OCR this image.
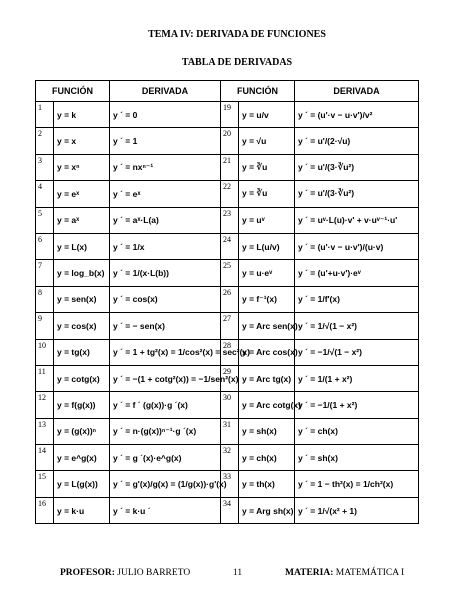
TEMA IV: DERIVADA DE FUNCIONES
TABLA DE DERIVADAS
FUNCIÓN		DERIVADA	FUNCIÓN		DERIVADA
1	y = k	y ´ = 0	19	y = u/v	y ´ = (u'·v − u·v')/v²
2	y = x	y ´ = 1	20	y = √u	y ´ = u'/(2·√u)
3	y = xⁿ	y ´ = nxⁿ⁻¹	21	y = ∛u	y ´ = u'/(3·∛u²)
4	y = eˣ	y ´ = eˣ	22	y = ∛u	y ´ = u'/(3·∛u²)
5	y = aˣ	y ´ = aˣ·L(a)	23	y = uᵛ	y ´ = uᵛ·L(u)·v' + v·uᵛ⁻¹·u'
6	y = L(x)	y ´ = 1/x	24	y = L(u/v)	y ´ = (u'·v − u·v')/(u·v)
7	y = log_b(x)	y ´ = 1/(x·L(b))	25	y = u·eᵛ	y ´ = (u'+u·v')·eᵛ
8	y = sen(x)	y ´ = cos(x)	26	y = f⁻¹(x)	y ´ = 1/f'(x)
9	y = cos(x)	y ´ = − sen(x)	27	y = Arc sen(x)	y ´ = 1/√(1 − x²)
10	y = tg(x)	y ´ = 1 + tg²(x) = 1/cos²(x) = sec²(x)	28	y = Arc cos(x)	y ´ = −1/√(1 − x²)
11	y = cotg(x)	y ´ = −(1 + cotg²(x)) = −1/sen²(x)	29	y = Arc tg(x)	y ´ = 1/(1 + x²)
12	y = f(g(x))	y ´ = f ´ (g(x))·g ´(x)	30	y = Arc cotg(x)	y ´ = −1/(1 + x²)
13	y = (g(x))ⁿ	y ´ = n·(g(x))ⁿ⁻¹·g ´(x)	31	y = sh(x)	y ´ = ch(x)
14	y = e^g(x)	y ´ = g ´(x)·e^g(x)	32	y = ch(x)	y ´ = sh(x)
15	y = L(g(x))	y ´ = g'(x)/g(x) = (1/g(x))·g'(x)	33	y = th(x)	y ´ = 1 − th²(x) = 1/ch²(x)
16	y = k·u	y ´ = k·u ´	34	y = Arg sh(x)	y ´ = 1/√(x² + 1)
PROFESOR: JULIO BARRETO	11	MATERIA: MATEMÁTICA I
